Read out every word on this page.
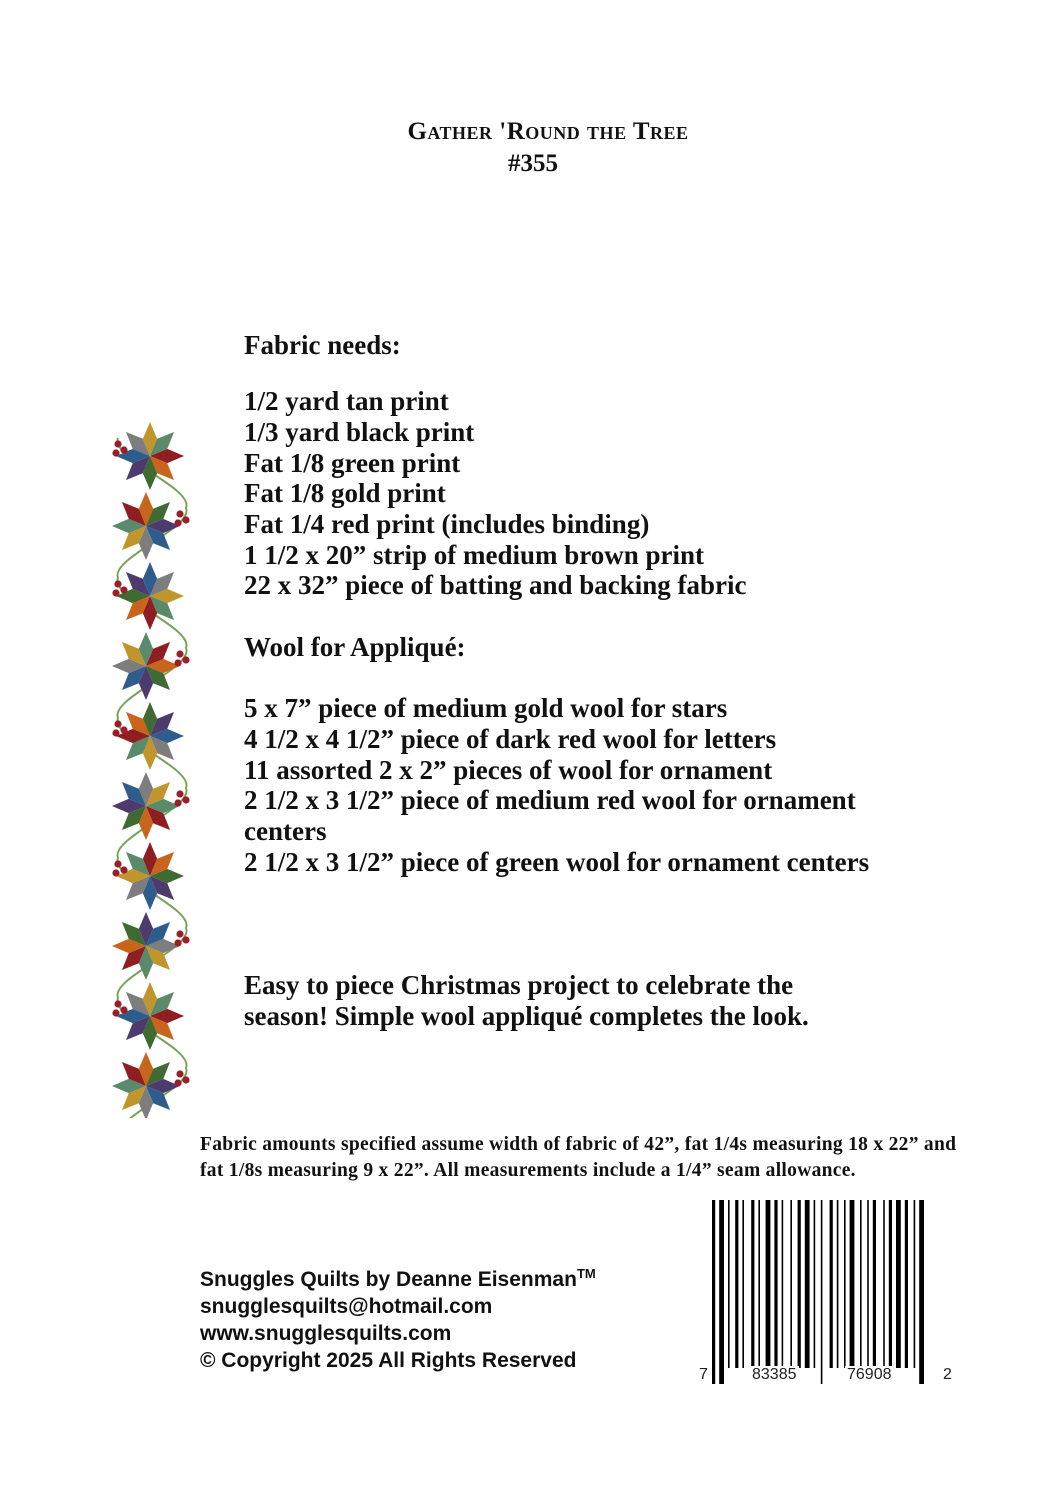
Gather 'Round the Tree
#355
Fabric needs:
1/2 yard tan print
1/3 yard black print
Fat 1/8 green print
Fat 1/8 gold print
Fat 1/4 red print (includes binding)
1 1/2 x 20” strip of medium brown print
22 x 32” piece of batting and backing fabric
Wool for Appliqué:
5 x 7” piece of medium gold wool for stars
4 1/2 x 4 1/2” piece of dark red wool for letters
11 assorted 2 x 2” pieces of wool for ornament
2 1/2 x 3 1/2” piece of medium red wool for ornament
centers
2 1/2 x 3 1/2” piece of green wool for ornament centers
Easy to piece Christmas project to celebrate the
season! Simple wool appliqué completes the look.
Fabric amounts specified assume width of fabric of 42”, fat 1/4s measuring 18 x 22” and fat 1/8s measuring 9 x 22”. All measurements include a 1/4” seam allowance.
Snuggles Quilts by Deanne Eisenman™
snugglesquilts@hotmail.com
www.snugglesquilts.com
© Copyright 2025 All Rights Reserved
7	83385	76908	2
